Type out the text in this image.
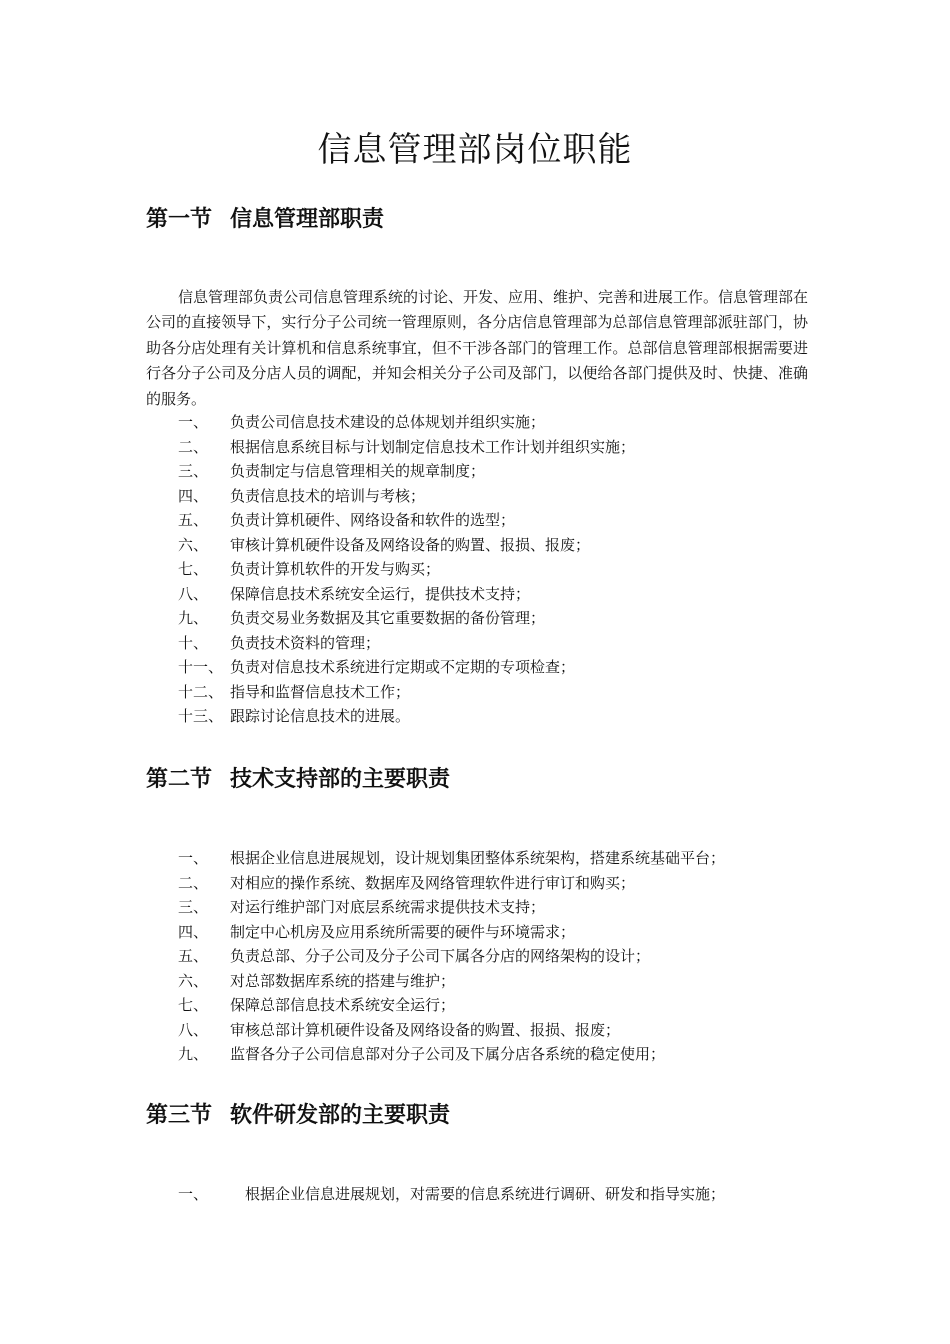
信息管理部岗位职能
第一节 信息管理部职责
信息管理部负责公司信息管理系统的讨论、开发、应用、维护、完善和进展工作。信息管理部在公司的直接领导下，实行分子公司统一管理原则，各分店信息管理部为总部信息管理部派驻部门，协助各分店处理有关计算机和信息系统事宜，但不干涉各部门的管理工作。总部信息管理部根据需要进行各分子公司及分店人员的调配，并知会相关分子公司及部门，以便给各部门提供及时、快捷、准确的服务。
一、 负责公司信息技术建设的总体规划并组织实施；
二、 根据信息系统目标与计划制定信息技术工作计划并组织实施；
三、 负责制定与信息管理相关的规章制度；
四、 负责信息技术的培训与考核；
五、 负责计算机硬件、网络设备和软件的选型；
六、 审核计算机硬件设备及网络设备的购置、报损、报废；
七、 负责计算机软件的开发与购买；
八、 保障信息技术系统安全运行，提供技术支持；
九、 负责交易业务数据及其它重要数据的备份管理；
十、 负责技术资料的管理；
十一、 负责对信息技术系统进行定期或不定期的专项检查；
十二、 指导和监督信息技术工作；
十三、 跟踪讨论信息技术的进展。
第二节 技术支持部的主要职责
一、 根据企业信息进展规划，设计规划集团整体系统架构，搭建系统基础平台；
二、 对相应的操作系统、数据库及网络管理软件进行审订和购买；
三、 对运行维护部门对底层系统需求提供技术支持；
四、 制定中心机房及应用系统所需要的硬件与环境需求；
五、 负责总部、分子公司及分子公司下属各分店的网络架构的设计；
六、 对总部数据库系统的搭建与维护；
七、 保障总部信息技术系统安全运行；
八、 审核总部计算机硬件设备及网络设备的购置、报损、报废；
九、 监督各分子公司信息部对分子公司及下属分店各系统的稳定使用；
第三节 软件研发部的主要职责
一、 根据企业信息进展规划，对需要的信息系统进行调研、研发和指导实施；
